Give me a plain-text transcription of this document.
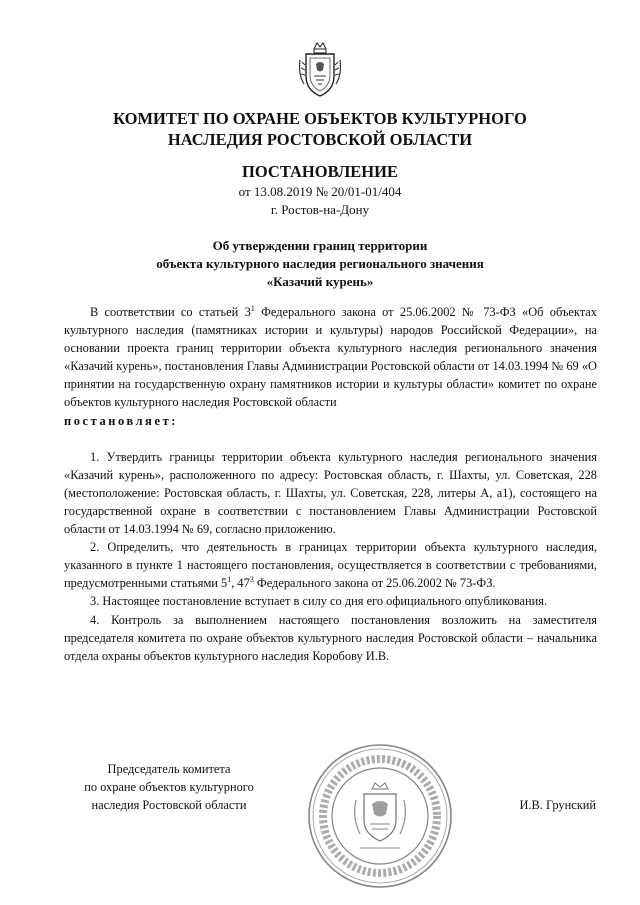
КОМИТЕТ ПО ОХРАНЕ ОБЪЕКТОВ КУЛЬТУРНОГО
НАСЛЕДИЯ РОСТОВСКОЙ ОБЛАСТИ
ПОСТАНОВЛЕНИЕ
от 13.08.2019 № 20/01-01/404
г. Ростов-на-Дону
Об утверждении границ территории
объекта культурного наследия регионального значения
«Казачий курень»

В соответствии со статьей $3^1$ Федерального закона от 25.06.2002 № 73-ФЗ «Об объектах культурного наследия (памятниках истории и культуры) народов Российской Федерации», на основании проекта границ территории объекта культурного наследия регионального значения «Казачий курень», постановления Главы Администрации Ростовской области от 14.03.1994 № 69 «О принятии на государственную охрану памятников истории и культуры области» комитет по охране объектов культурного наследия Ростовской области

постановляет:

1. Утвердить границы территории объекта культурного наследия регионального значения «Казачий курень», расположенного по адресу: Ростовская область, г. Шахты, ул. Советская, 228 (местоположение: Ростовская область, г. Шахты, ул. Советская, 228, литеры А, а1), состоящего на государственной охране в соответствии с постановлением Главы Администрации Ростовской области от 14.03.1994 № 69, согласно приложению.

2. Определить, что деятельность в границах территории объекта культурного наследия, указанного в пункте 1 настоящего постановления, осуществляется в соответствии с требованиями, предусмотренными статьями $5^1$, $47^3$ Федерального закона от 25.06.2002 № 73-ФЗ.

3. Настоящее постановление вступает в силу со дня его официального опубликования.

4. Контроль за выполнением настоящего постановления возложить на заместителя председателя комитета по охране объектов культурного наследия Ростовской области – начальника отдела охраны объектов культурного наследия Коробову И.В.

Председатель комитета
по охране объектов культурного
наследия Ростовской области	И.В. Грунский
